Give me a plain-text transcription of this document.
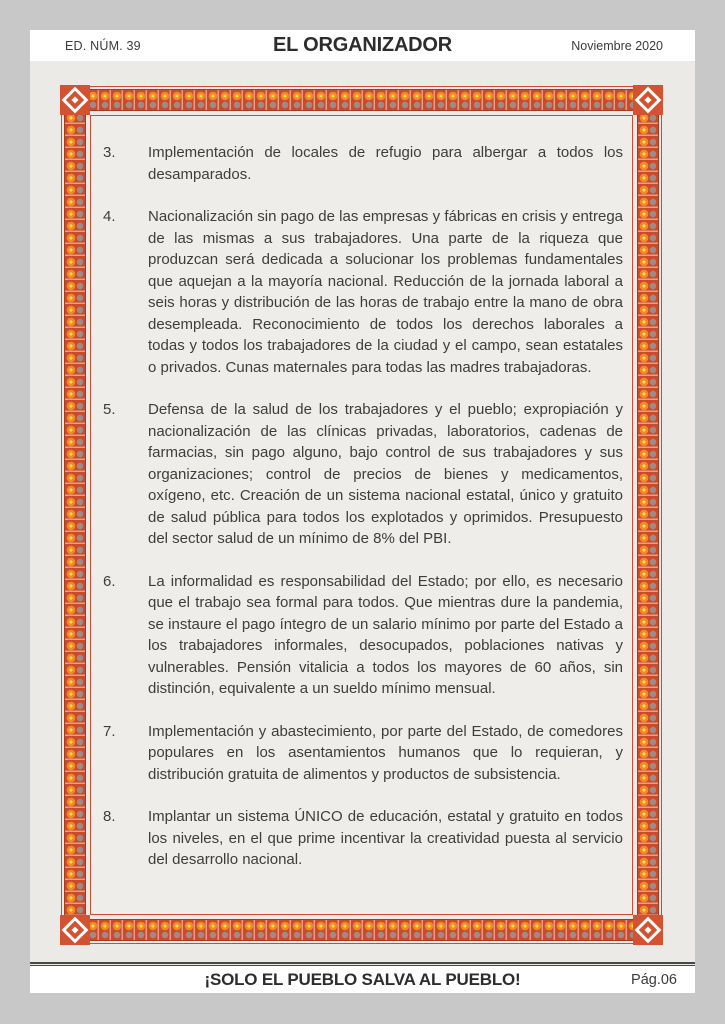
ED. NÚM. 39	EL ORGANIZADOR	Noviembre 2020
3.	Implementación de locales de refugio para albergar a todos los desamparados.
4.	Nacionalización sin pago de las empresas y fábricas en crisis y entrega de las mismas a sus trabajadores. Una parte de la riqueza que produzcan será dedicada a solucionar los problemas fundamentales que aquejan a la mayoría nacional. Reducción de la jornada laboral a seis horas y distribución de las horas de trabajo entre la mano de obra desempleada. Reconocimiento de todos los derechos laborales a todas y todos los trabajadores de la ciudad y el campo, sean estatales o privados. Cunas maternales para todas las madres trabajadoras.
5.	Defensa de la salud de los trabajadores y el pueblo; expropiación y nacionalización de las clínicas privadas, laboratorios, cadenas de farmacias, sin pago alguno, bajo control de sus trabajadores y sus organizaciones; control de precios de bienes y medicamentos, oxígeno, etc. Creación de un sistema nacional estatal, único y gratuito de salud pública para todos los explotados y oprimidos. Presupuesto del sector salud de un mínimo de 8% del PBI.
6.	La informalidad es responsabilidad del Estado; por ello, es necesario que el trabajo sea formal para todos. Que mientras dure la pandemia, se instaure el pago íntegro de un salario mínimo por parte del Estado a los trabajadores informales, desocupados, poblaciones nativas y vulnerables. Pensión vitalicia a todos los mayores de 60 años, sin distinción, equivalente a un sueldo mínimo mensual.
7.	Implementación y abastecimiento, por parte del Estado, de comedores populares en los asentamientos humanos que lo requieran, y distribución gratuita de alimentos y productos de subsistencia.
8.	Implantar un sistema ÚNICO de educación, estatal y gratuito en todos los niveles, en el que prime incentivar la creatividad puesta al servicio del desarrollo nacional.
¡SOLO EL PUEBLO SALVA AL PUEBLO!	Pág.06
